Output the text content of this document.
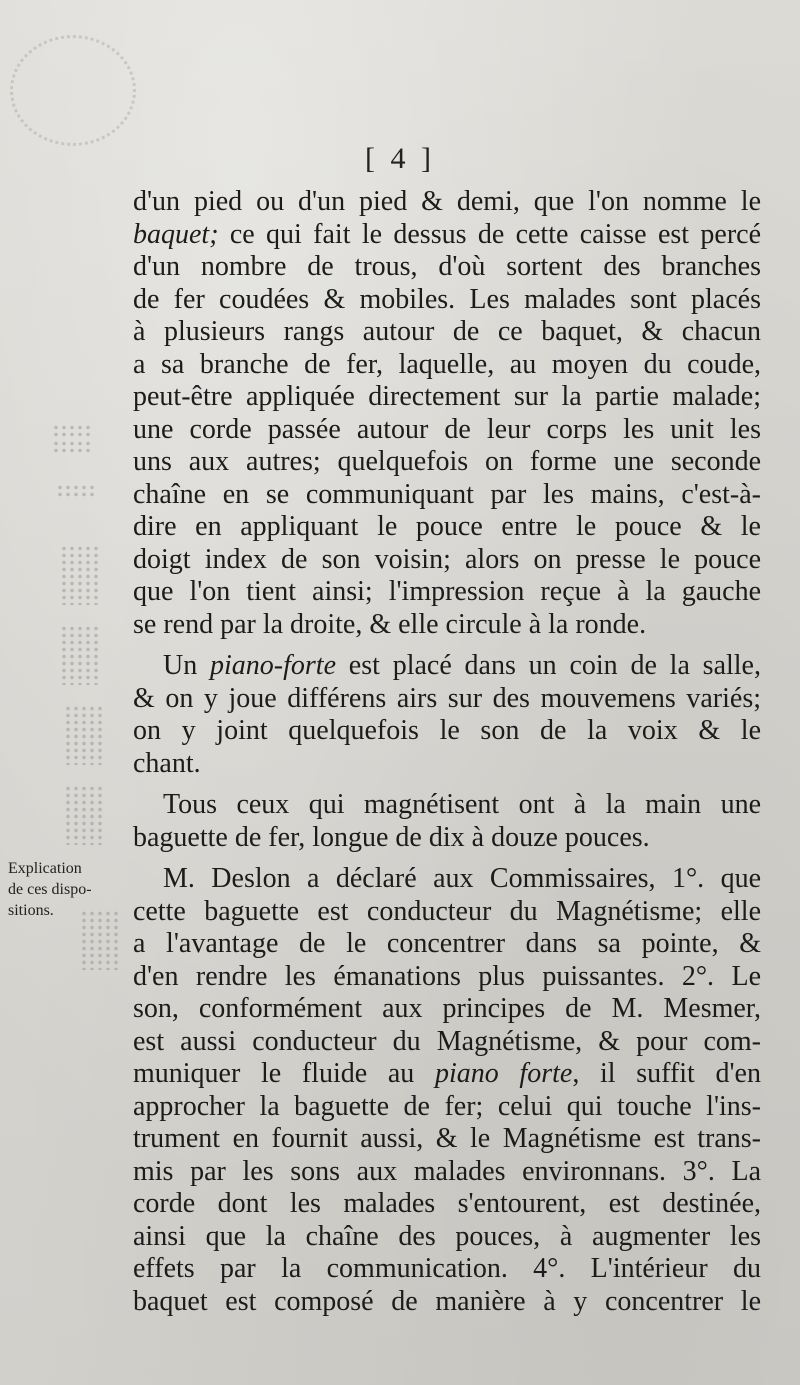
[ 4 ]
Explication
de ces dispo-
sitions.
d'un pied ou d'un pied & demi, que l'on nomme le
baquet; ce qui fait le dessus de cette caisse est percé
d'un nombre de trous, d'où sortent des branches
de fer coudées & mobiles. Les malades sont placés
à plusieurs rangs autour de ce baquet, & chacun
a sa branche de fer, laquelle, au moyen du coude,
peut-être appliquée directement sur la partie malade;
une corde passée autour de leur corps les unit les
uns aux autres; quelquefois on forme une seconde
chaîne en se communiquant par les mains, c'est-à-
dire en appliquant le pouce entre le pouce & le
doigt index de son voisin; alors on presse le pouce
que l'on tient ainsi; l'impression reçue à la gauche
se rend par la droite, & elle circule à la ronde.
Un piano-forte est placé dans un coin de la salle,
& on y joue différens airs sur des mouvemens variés;
on y joint quelquefois le son de la voix & le
chant.
Tous ceux qui magnétisent ont à la main une
baguette de fer, longue de dix à douze pouces.
M. Deslon a déclaré aux Commissaires, 1°. que
cette baguette est conducteur du Magnétisme; elle
a l'avantage de le concentrer dans sa pointe, &
d'en rendre les émanations plus puissantes. 2°. Le
son, conformément aux principes de M. Mesmer,
est aussi conducteur du Magnétisme, & pour com-
muniquer le fluide au piano forte, il suffit d'en
approcher la baguette de fer; celui qui touche l'ins-
trument en fournit aussi, & le Magnétisme est trans-
mis par les sons aux malades environnans. 3°. La
corde dont les malades s'entourent, est destinée,
ainsi que la chaîne des pouces, à augmenter les
effets par la communication. 4°. L'intérieur du
baquet est composé de manière à y concentrer le
